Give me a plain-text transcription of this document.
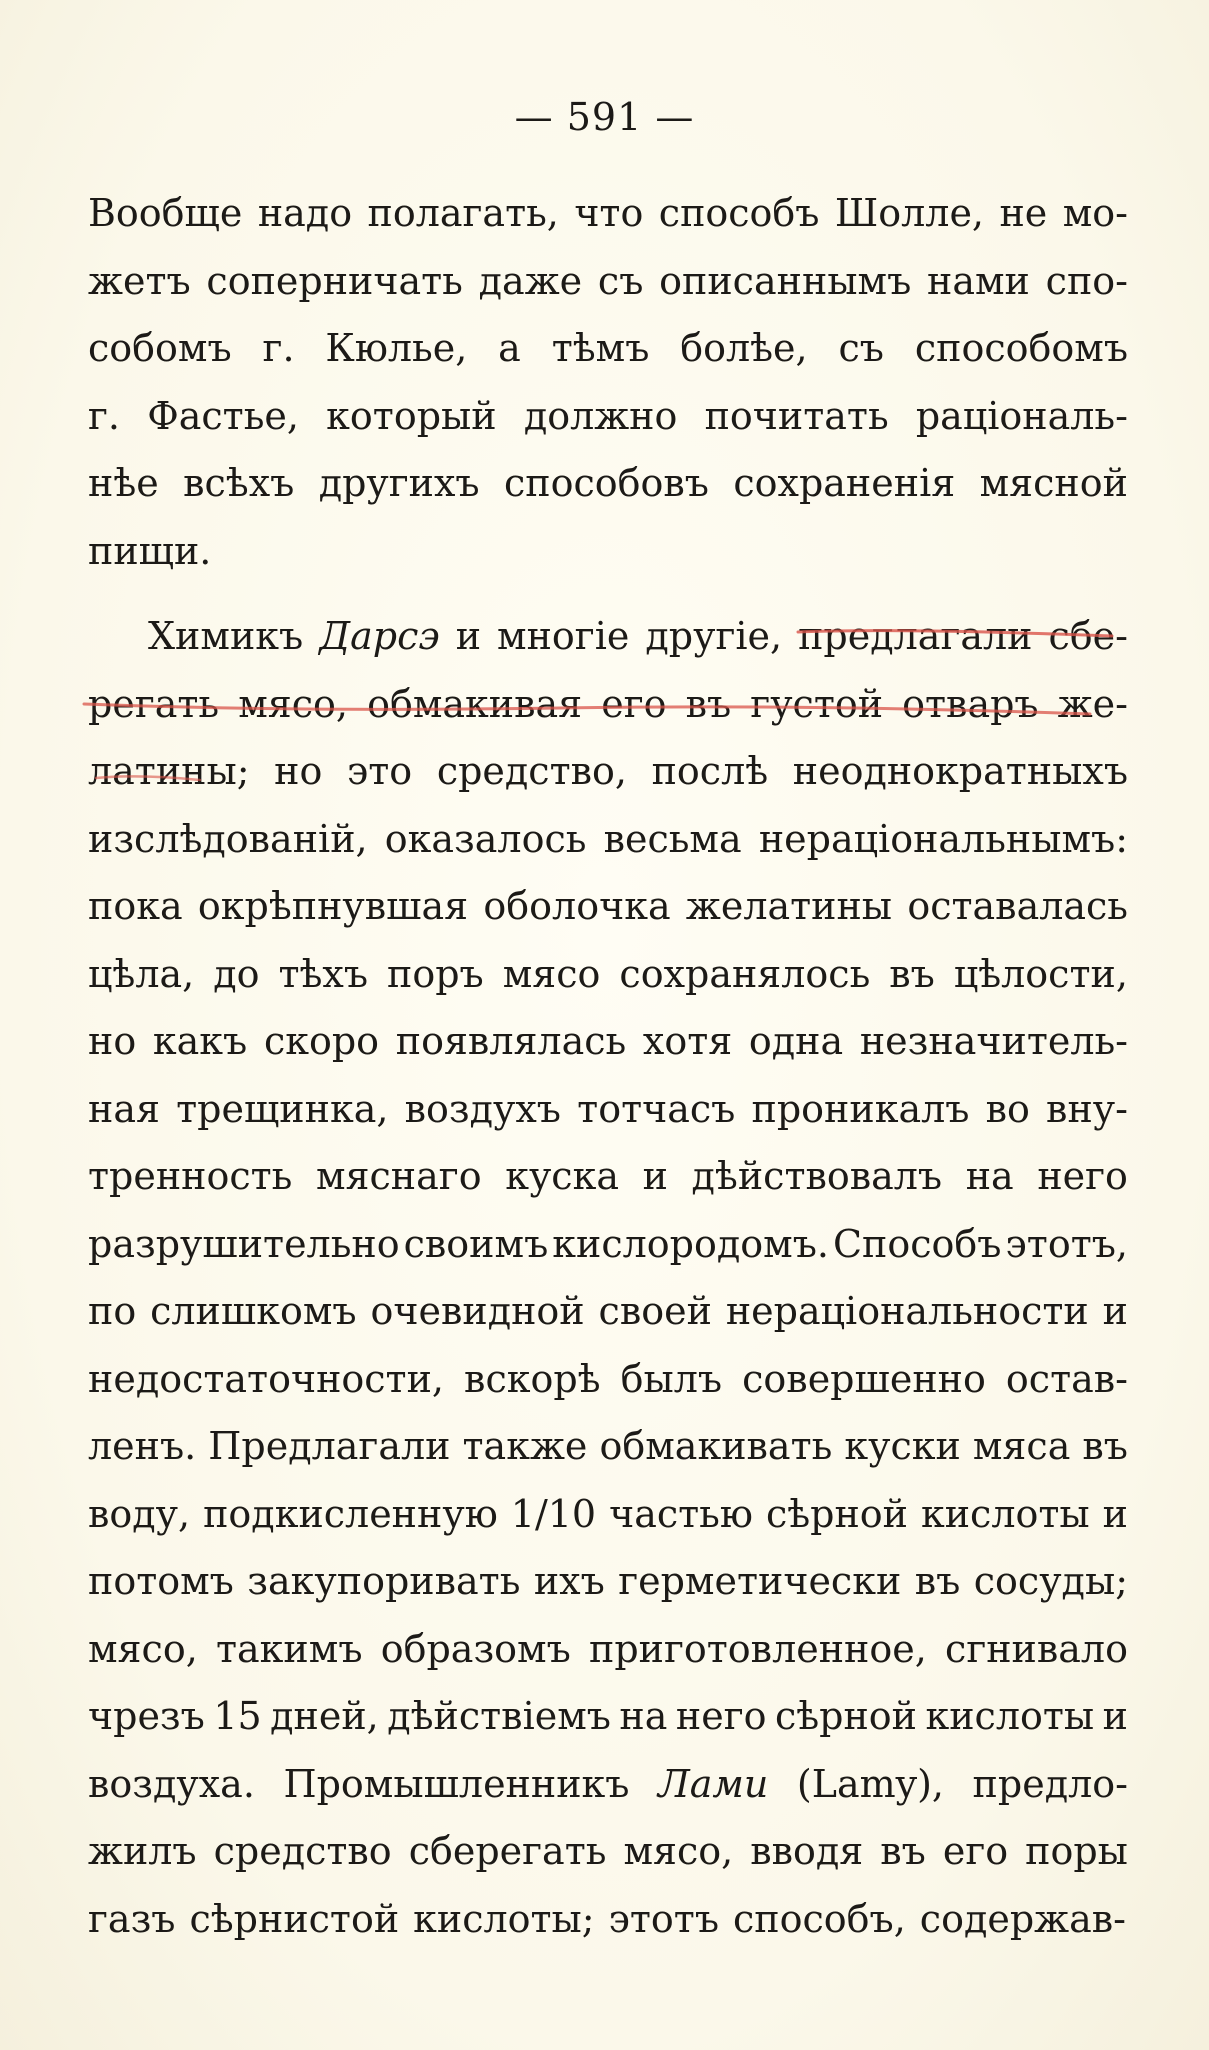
— 591 —
Вообще надо полагать, что способъ Шолле, не мо-
жетъ соперничать даже съ описаннымъ нами спо-
собомъ г. Кюлье, а тѣмъ болѣе, съ способомъ
г. Фастье, который должно почитать раціональ-
нѣе всѣхъ другихъ способовъ сохраненія мясной
пищи.
Химикъ Дарсэ и многіе другіе, предлагали сбе-
регать мясо, обмакивая его въ густой отваръ же-
латины; но это средство, послѣ неоднократныхъ
изслѣдованій, оказалось весьма нераціональнымъ:
пока окрѣпнувшая оболочка желатины оставалась
цѣла, до тѣхъ поръ мясо сохранялось въ цѣлости,
но какъ скоро появлялась хотя одна незначитель-
ная трещинка, воздухъ тотчасъ проникалъ во вну-
тренность мяснаго куска и дѣйствовалъ на него
разрушительно своимъ кислородомъ. Способъ этотъ,
по слишкомъ очевидной своей нераціональности и
недостаточности, вскорѣ былъ совершенно остав-
ленъ. Предлагали также обмакивать куски мяса въ
воду, подкисленную 1/10 частью сѣрной кислоты и
потомъ закупоривать ихъ герметически въ сосуды;
мясо, такимъ образомъ приготовленное, сгнивало
чрезъ 15 дней, дѣйствіемъ на него сѣрной кислоты и
воздуха. Промышленникъ Лами (Lamy), предло-
жилъ средство сберегать мясо, вводя въ его поры
газъ сѣрнистой кислоты; этотъ способъ, содержав-
